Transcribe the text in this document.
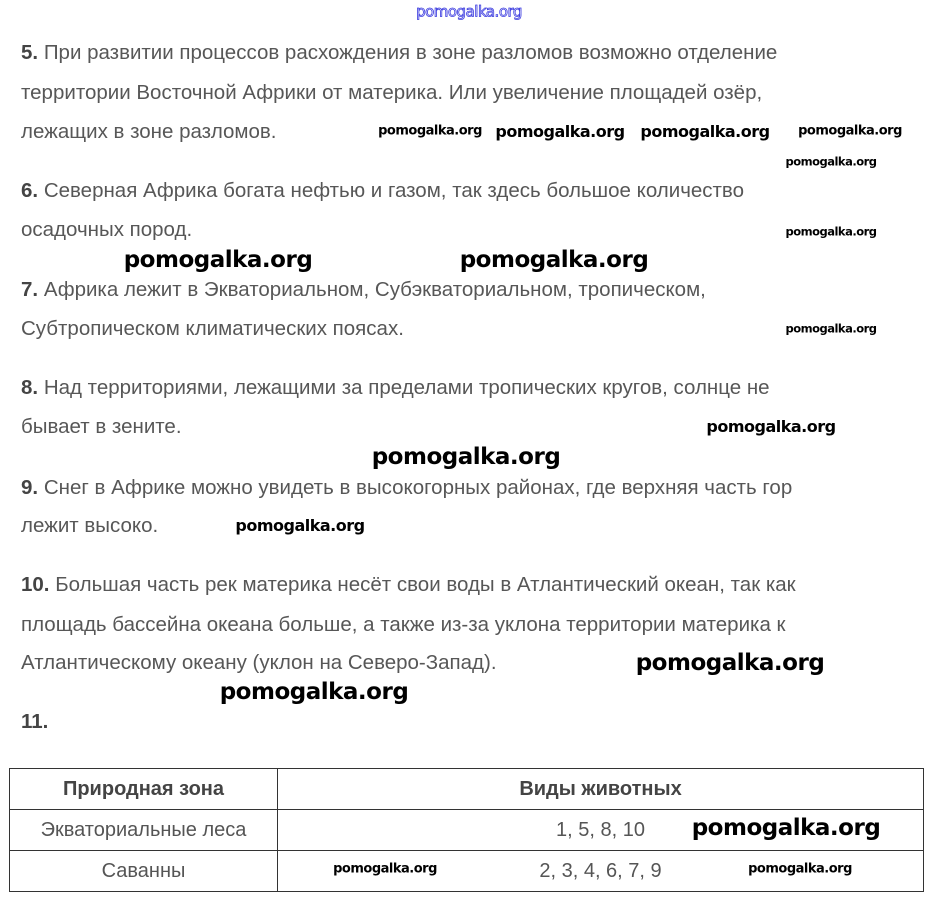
pomogalka.org
5. При развитии процессов расхождения в зоне разломов возможно отделение
территории Восточной Африки от материка. Или увеличение площадей озёр,
лежащих в зоне разломов.
6. Северная Африка богата нефтью и газом, так здесь большое количество
осадочных пород.
7. Африка лежит в Экваториальном, Субэкваториальном, тропическом,
Субтропическом климатических поясах.
8. Над территориями, лежащими за пределами тропических кругов, солнце не
бывает в зените.
9. Снег в Африке можно увидеть в высокогорных районах, где верхняя часть гор
лежит высоко.
10. Большая часть рек материка несёт свои воды в Атлантический океан, так как
площадь бассейна океана больше, а также из-за уклона территории материка к
Атлантическому океану (уклон на Северо-Запад).
11.
Природная зона	Виды животных
Экваториальные леса	1, 5, 8, 10
Саванны	2, 3, 4, 6, 7, 9
pomogalka.org pomogalka.org pomogalka.org pomogalka.org
pomogalka.org
pomogalka.org
pomogalka.org
pomogalka.org	pomogalka.org
pomogalka.org
pomogalka.org
pomogalka.org
pomogalka.org
pomogalka.org
pomogalka.org
pomogalka.org	pomogalka.org
